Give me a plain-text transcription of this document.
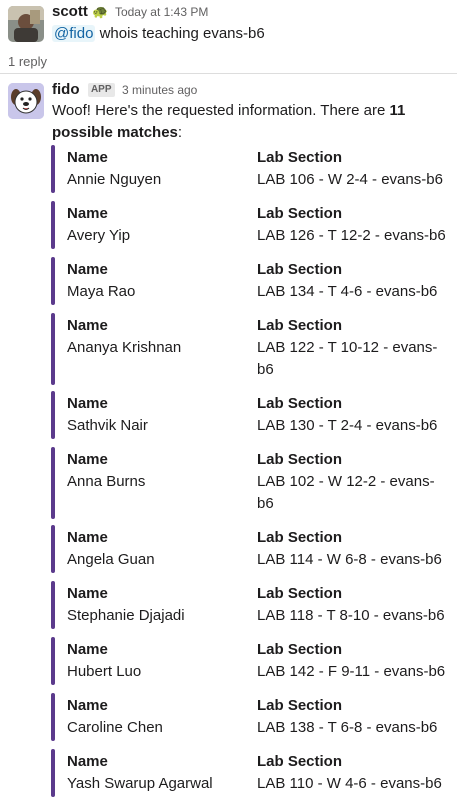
scott 🐢 Today at 1:43 PM
@fido whois teaching evans-b6
1 reply
fido APP 3 minutes ago
Woof! Here's the requested information. There are 11 possible matches:
Name
Annie Nguyen
Lab Section
LAB 106 - W 2-4 - evans-b6
Name
Avery Yip
Lab Section
LAB 126 - T 12-2 - evans-b6
Name
Maya Rao
Lab Section
LAB 134 - T 4-6 - evans-b6
Name
Ananya Krishnan
Lab Section
LAB 122 - T 10-12 - evans-
b6
Name
Sathvik Nair
Lab Section
LAB 130 - T 2-4 - evans-b6
Name
Anna Burns
Lab Section
LAB 102 - W 12-2 - evans-
b6
Name
Angela Guan
Lab Section
LAB 114 - W 6-8 - evans-b6
Name
Stephanie Djajadi
Lab Section
LAB 118 - T 8-10 - evans-b6
Name
Hubert Luo
Lab Section
LAB 142 - F 9-11 - evans-b6
Name
Caroline Chen
Lab Section
LAB 138 - T 6-8 - evans-b6
Name
Yash Swarup Agarwal
Lab Section
LAB 110 - W 4-6 - evans-b6
